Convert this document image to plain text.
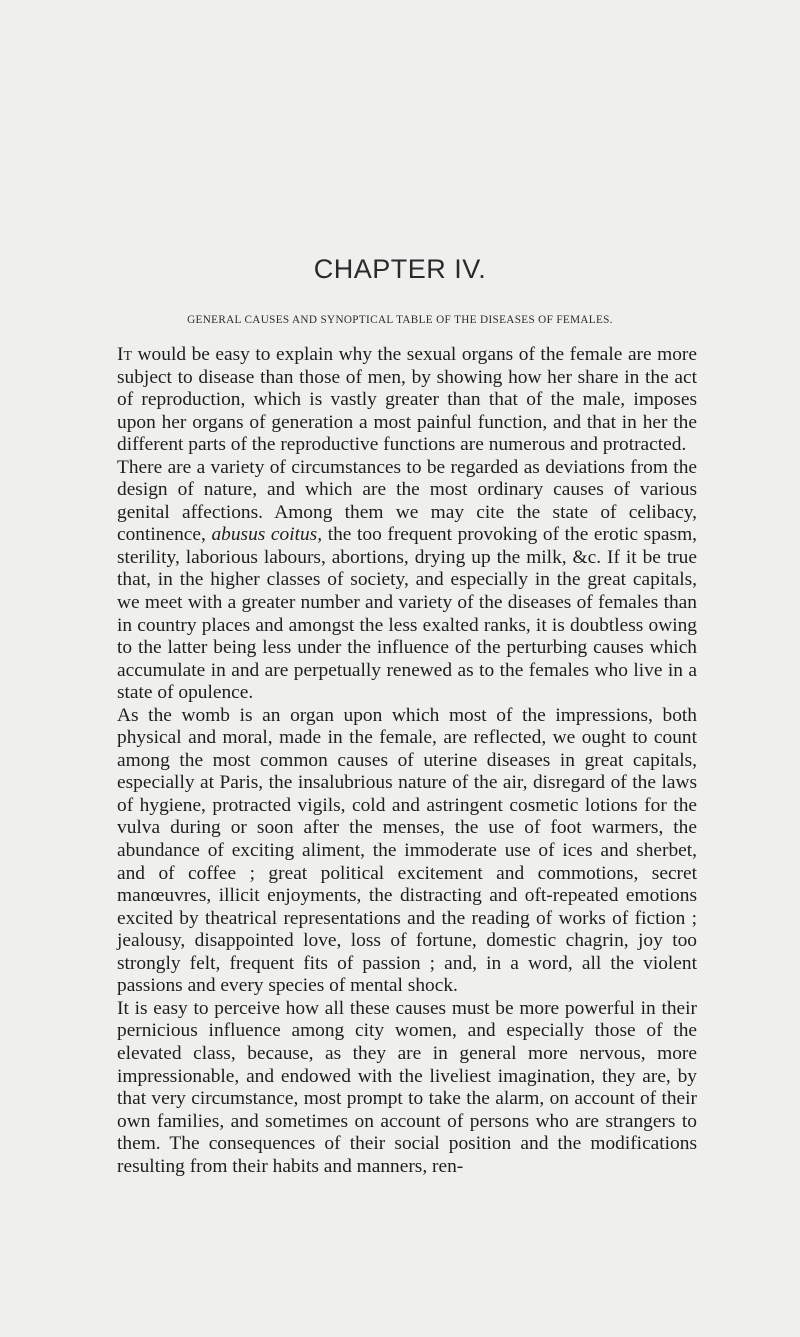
CHAPTER IV.
GENERAL CAUSES AND SYNOPTICAL TABLE OF THE DISEASES OF FEMALES.

It would be easy to explain why the sexual organs of the female are more subject to disease than those of men, by showing how her share in the act of reproduction, which is vastly greater than that of the male, imposes upon her organs of generation a most painful function, and that in her the different parts of the reproductive functions are numerous and protracted.

There are a variety of circumstances to be regarded as deviations from the design of nature, and which are the most ordinary causes of various genital affections. Among them we may cite the state of celibacy, continence, abusus coitus, the too frequent provoking of the erotic spasm, sterility, laborious labours, abortions, drying up the milk, &c. If it be true that, in the higher classes of society, and especially in the great capitals, we meet with a greater number and variety of the diseases of females than in country places and amongst the less exalted ranks, it is doubtless owing to the latter being less under the influence of the perturbing causes which accumulate in and are perpetually renewed as to the females who live in a state of opulence.

As the womb is an organ upon which most of the impressions, both physical and moral, made in the female, are reflected, we ought to count among the most common causes of uterine diseases in great capitals, especially at Paris, the insalubrious nature of the air, disregard of the laws of hygiene, protracted vigils, cold and astringent cosmetic lotions for the vulva during or soon after the menses, the use of foot warmers, the abundance of exciting aliment, the immoderate use of ices and sherbet, and of coffee ; great political excitement and commotions, secret manœuvres, illicit enjoyments, the distracting and oft-repeated emotions excited by theatrical representations and the reading of works of fiction ; jealousy, disappointed love, loss of fortune, domestic chagrin, joy too strongly felt, frequent fits of passion ; and, in a word, all the violent passions and every species of mental shock.

It is easy to perceive how all these causes must be more powerful in their pernicious influence among city women, and especially those of the elevated class, because, as they are in general more nervous, more impressionable, and endowed with the liveliest imagination, they are, by that very circumstance, most prompt to take the alarm, on account of their own families, and sometimes on account of persons who are strangers to them. The consequences of their social position and the modifications resulting from their habits and manners, ren-
